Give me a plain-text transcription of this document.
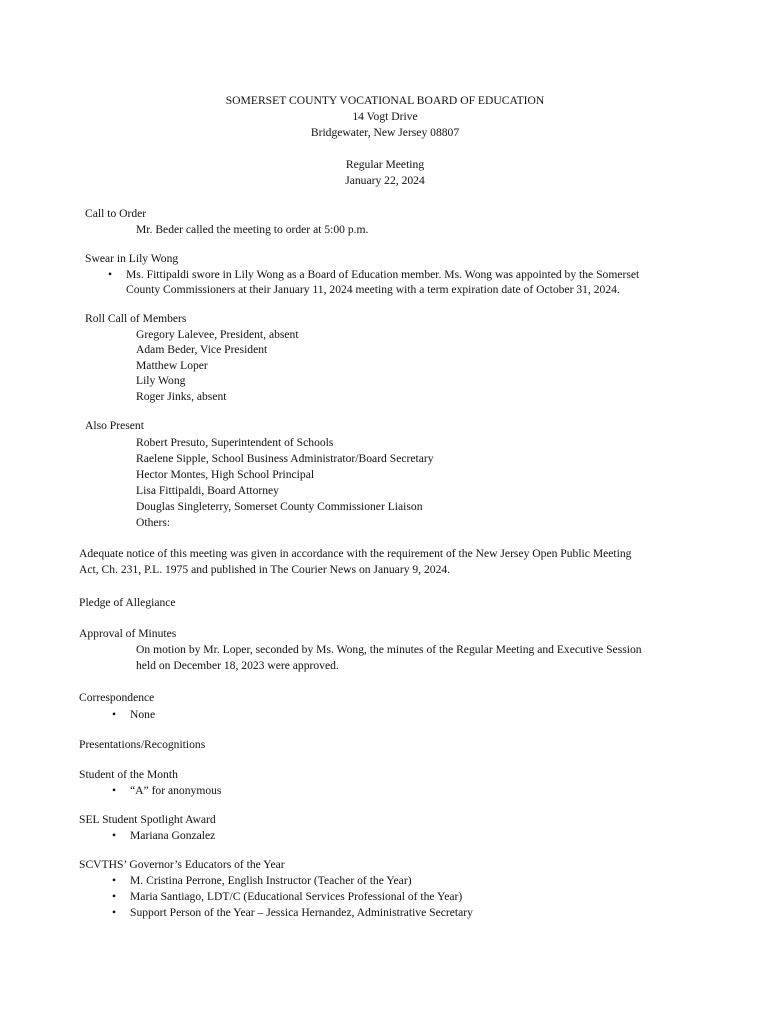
SOMERSET COUNTY VOCATIONAL BOARD OF EDUCATION
14 Vogt Drive
Bridgewater, New Jersey 08807
Regular Meeting
January 22, 2024
Call to Order
Mr. Beder called the meeting to order at 5:00 p.m.
Swear in Lily Wong
• Ms. Fittipaldi swore in Lily Wong as a Board of Education member. Ms. Wong was appointed by the Somerset
County Commissioners at their January 11, 2024 meeting with a term expiration date of October 31, 2024.
Roll Call of Members
Gregory Lalevee, President, absent
Adam Beder, Vice President
Matthew Loper
Lily Wong
Roger Jinks, absent
Also Present
Robert Presuto, Superintendent of Schools
Raelene Sipple, School Business Administrator/Board Secretary
Hector Montes, High School Principal
Lisa Fittipaldi, Board Attorney
Douglas Singleterry, Somerset County Commissioner Liaison
Others:
Adequate notice of this meeting was given in accordance with the requirement of the New Jersey Open Public Meeting
Act, Ch. 231, P.L. 1975 and published in The Courier News on January 9, 2024.
Pledge of Allegiance
Approval of Minutes
On motion by Mr. Loper, seconded by Ms. Wong, the minutes of the Regular Meeting and Executive Session
held on December 18, 2023 were approved.
Correspondence
• None
Presentations/Recognitions
Student of the Month
• “A” for anonymous
SEL Student Spotlight Award
• Mariana Gonzalez
SCVTHS’ Governor’s Educators of the Year
• M. Cristina Perrone, English Instructor (Teacher of the Year)
• Maria Santiago, LDT/C (Educational Services Professional of the Year)
• Support Person of the Year – Jessica Hernandez, Administrative Secretary
